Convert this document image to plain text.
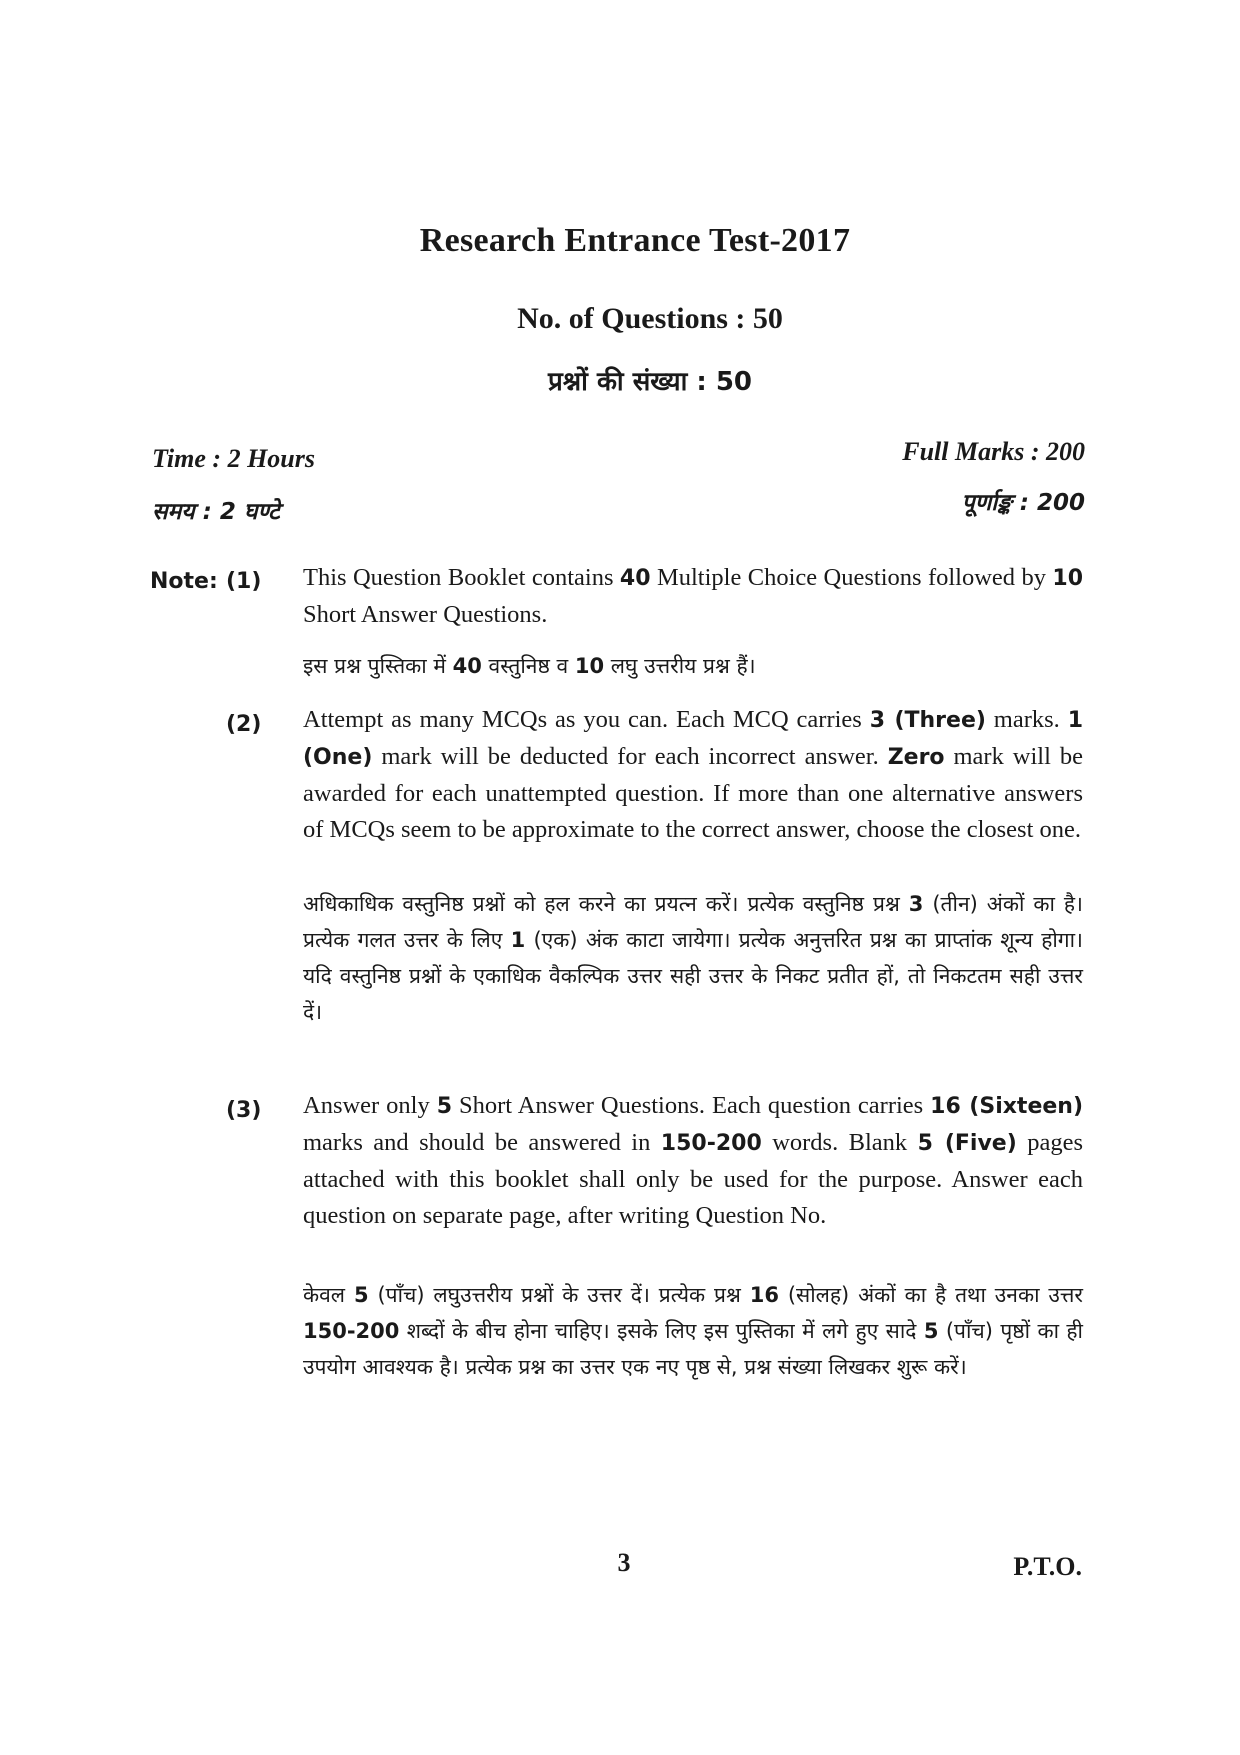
Research Entrance Test-2017
No. of Questions : 50
प्रश्नों की संख्या : 50
Time : 2 Hours
समय : 2 घण्टे
Full Marks : 200
पूर्णाङ्क : 200
Note: (1) This Question Booklet contains 40 Multiple Choice Questions followed by 10 Short Answer Questions.
इस प्रश्न पुस्तिका में 40 वस्तुनिष्ठ व 10 लघु उत्तरीय प्रश्न हैं।
(2) Attempt as many MCQs as you can. Each MCQ carries 3 (Three) marks. 1 (One) mark will be deducted for each incorrect answer. Zero mark will be awarded for each unattempted question. If more than one alternative answers of MCQs seem to be approximate to the correct answer, choose the closest one.
अधिकाधिक वस्तुनिष्ठ प्रश्नों को हल करने का प्रयत्न करें। प्रत्येक वस्तुनिष्ठ प्रश्न 3 (तीन) अंकों का है। प्रत्येक गलत उत्तर के लिए 1 (एक) अंक काटा जायेगा। प्रत्येक अनुत्तरित प्रश्न का प्राप्तांक शून्य होगा। यदि वस्तुनिष्ठ प्रश्नों के एकाधिक वैकल्पिक उत्तर सही उत्तर के निकट प्रतीत हों, तो निकटतम सही उत्तर दें।
(3) Answer only 5 Short Answer Questions. Each question carries 16 (Sixteen) marks and should be answered in 150-200 words. Blank 5 (Five) pages attached with this booklet shall only be used for the purpose. Answer each question on separate page, after writing Question No.
केवल 5 (पाँच) लघुउत्तरीय प्रश्नों के उत्तर दें। प्रत्येक प्रश्न 16 (सोलह) अंकों का है तथा उनका उत्तर 150-200 शब्दों के बीच होना चाहिए। इसके लिए इस पुस्तिका में लगे हुए सादे 5 (पाँच) पृष्ठों का ही उपयोग आवश्यक है। प्रत्येक प्रश्न का उत्तर एक नए पृष्ठ से, प्रश्न संख्या लिखकर शुरू करें।
3	P.T.O.
